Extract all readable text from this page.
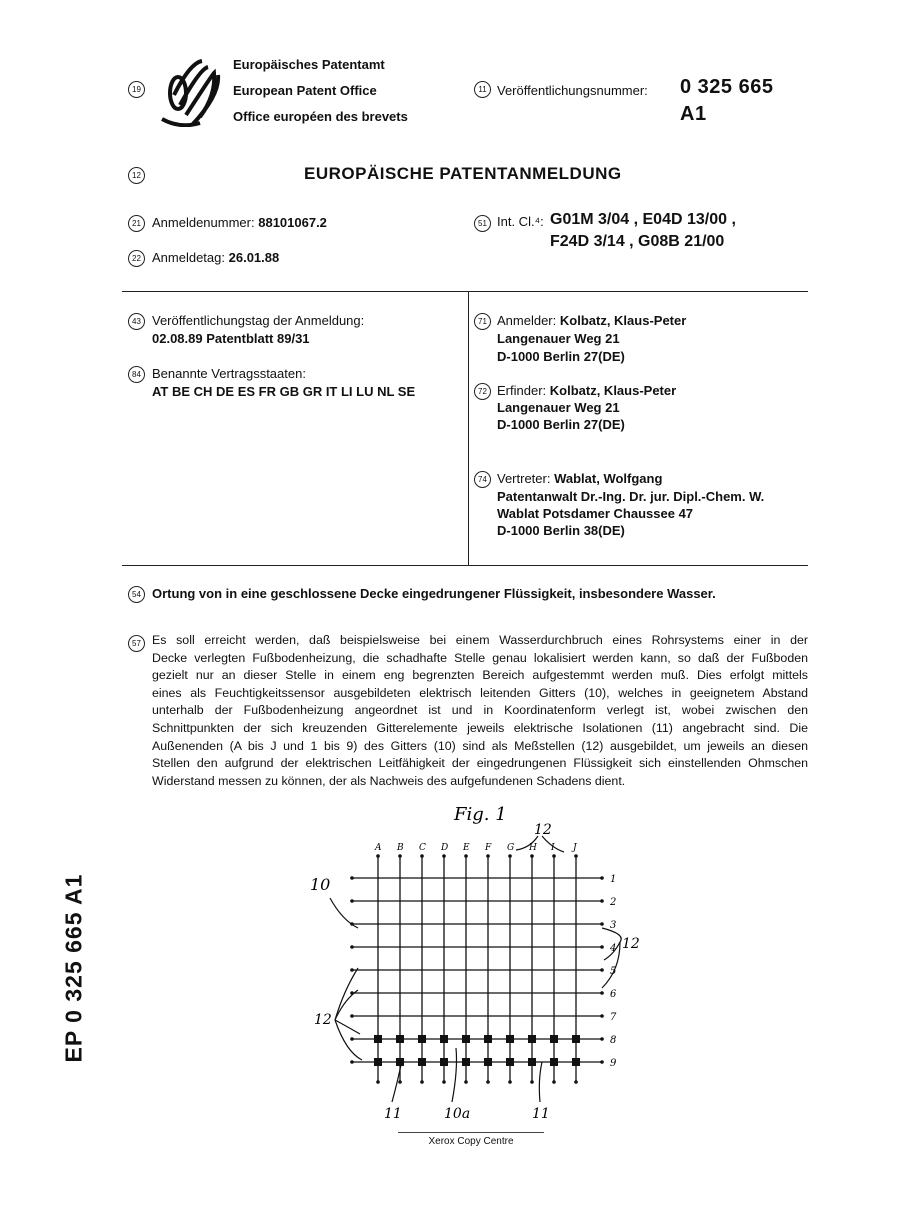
19
Europäisches Patentamt
European Patent Office
Office européen des brevets
11 Veröffentlichungsnummer: 0 325 665
A1
12	EUROPÄISCHE PATENTANMELDUNG
21 Anmeldenummer: 88101067.2
22 Anmeldetag: 26.01.88
51 Int. Cl.⁴: G01M 3/04 , E04D 13/00 ,
F24D 3/14 , G08B 21/00
43 Veröffentlichungstag der Anmeldung:
02.08.89 Patentblatt 89/31
84 Benannte Vertragsstaaten:
AT BE CH DE ES FR GB GR IT LI LU NL SE
71 Anmelder: Kolbatz, Klaus-Peter
Langenauer Weg 21
D-1000 Berlin 27(DE)
72 Erfinder: Kolbatz, Klaus-Peter
Langenauer Weg 21
D-1000 Berlin 27(DE)
74 Vertreter: Wablat, Wolfgang
Patentanwalt Dr.-Ing. Dr. jur. Dipl.-Chem. W.
Wablat Potsdamer Chaussee 47
D-1000 Berlin 38(DE)
54 Ortung von in eine geschlossene Decke eingedrungener Flüssigkeit, insbesondere Wasser.
57 Es soll erreicht werden, daß beispielsweise bei einem Wasserdurchbruch eines Rohrsystems einer in der
Decke verlegten Fußbodenheizung, die schadhafte Stelle genau lokalisiert werden kann, so daß der Fußboden
gezielt nur an dieser Stelle in einem eng begrenzten Bereich aufgestemmt werden muß. Dies erfolgt mittels
eines als Feuchtigkeitssensor ausgebildeten elektrisch leitenden Gitters (10), welches in geeignetem Abstand
unterhalb der Fußbodenheizung angeordnet ist und in Koordinatenform verlegt ist, wobei zwischen den
Schnittpunkten der sich kreuzenden Gitterelemente jeweils elektrische Isolationen (11) angebracht sind. Die
Außenenden (A bis J und 1 bis 9) des Gitters (10) sind als Meßstellen (12) ausgebildet, um jeweils an diesen
Stellen den aufgrund der elektrischen Leitfähigkeit der eingedrungenen Flüssigkeit sich einstellenden Ohmschen
Widerstand messen zu können, der als Nachweis des aufgefundenen Schadens dient.
EP 0 325 665 A1
Fig. 1
10
12
12
12
11	10a	11
1
2
3
4
5
6
7
8
9
A B C D E F G H I J
Xerox Copy Centre
